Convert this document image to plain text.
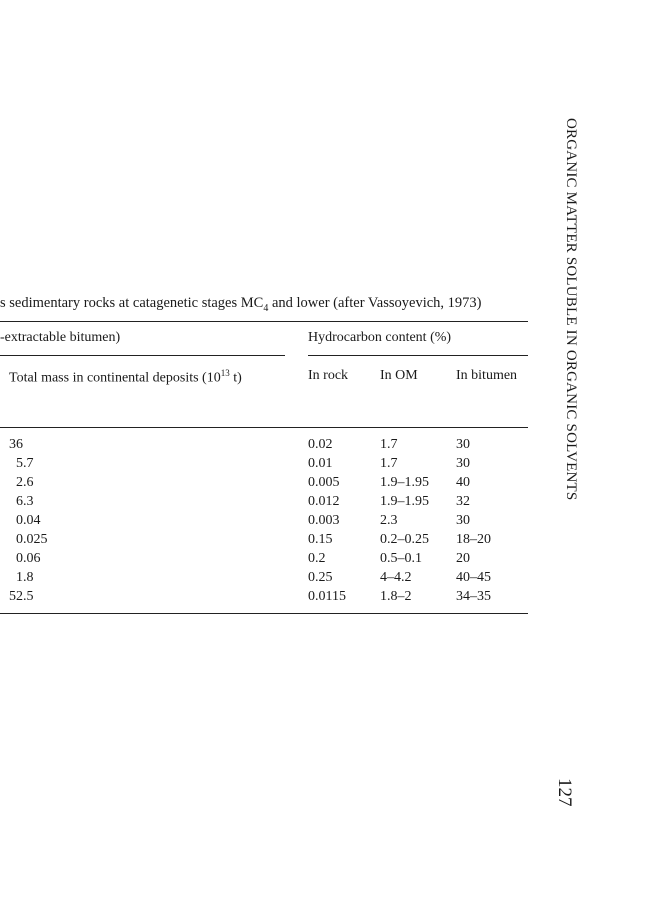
s sedimentary rocks at catagenetic stages $MC_4$ and lower (after Vassoyevich, 1973)
-extractable bitumen)	Hydrocarbon content (%)
Total mass in continental deposits ($10^{13}$ t)	In rock In OM	In bitumen
36	0.02	1.7	30
5.7	0.01	1.7	30
2.6	0.005	1.9–1.95 40
6.3	0.012	1.9–1.95 32
0.04	0.003	2.3	30
0.025	0.15	0.2–0.25 18–20
0.06	0.2	0.5–0.1 20
1.8	0.25	4–4.2	40–45
52.5	0.0115 1.8–2	34–35
ORGANIC MATTER SOLUBLE IN ORGANIC SOLVENTS
127
